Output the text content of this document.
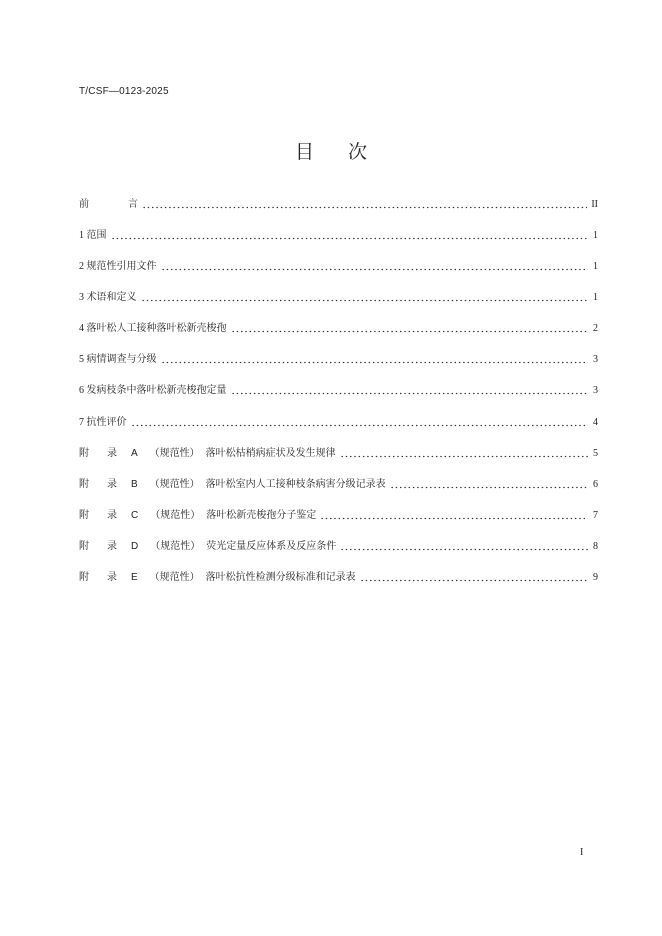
T/CSF—0123-2025
目 次
前	言	II
1 范围	1
2 规范性引用文件	1
3 术语和定义	1
4 落叶松人工接种落叶松新壳梭孢	2
5 病情调查与分级	3
6 发病枝条中落叶松新壳梭孢定量	3
7 抗性评价	4
附 录 A （规范性） 落叶松枯梢病症状及发生规律	5
附 录 B （规范性） 落叶松室内人工接种枝条病害分级记录表	6
附 录 C （规范性） 落叶松新壳梭孢分子鉴定	7
附 录 D （规范性） 荧光定量反应体系及反应条件	8
附 录 E （规范性） 落叶松抗性检测分级标准和记录表	9
I
